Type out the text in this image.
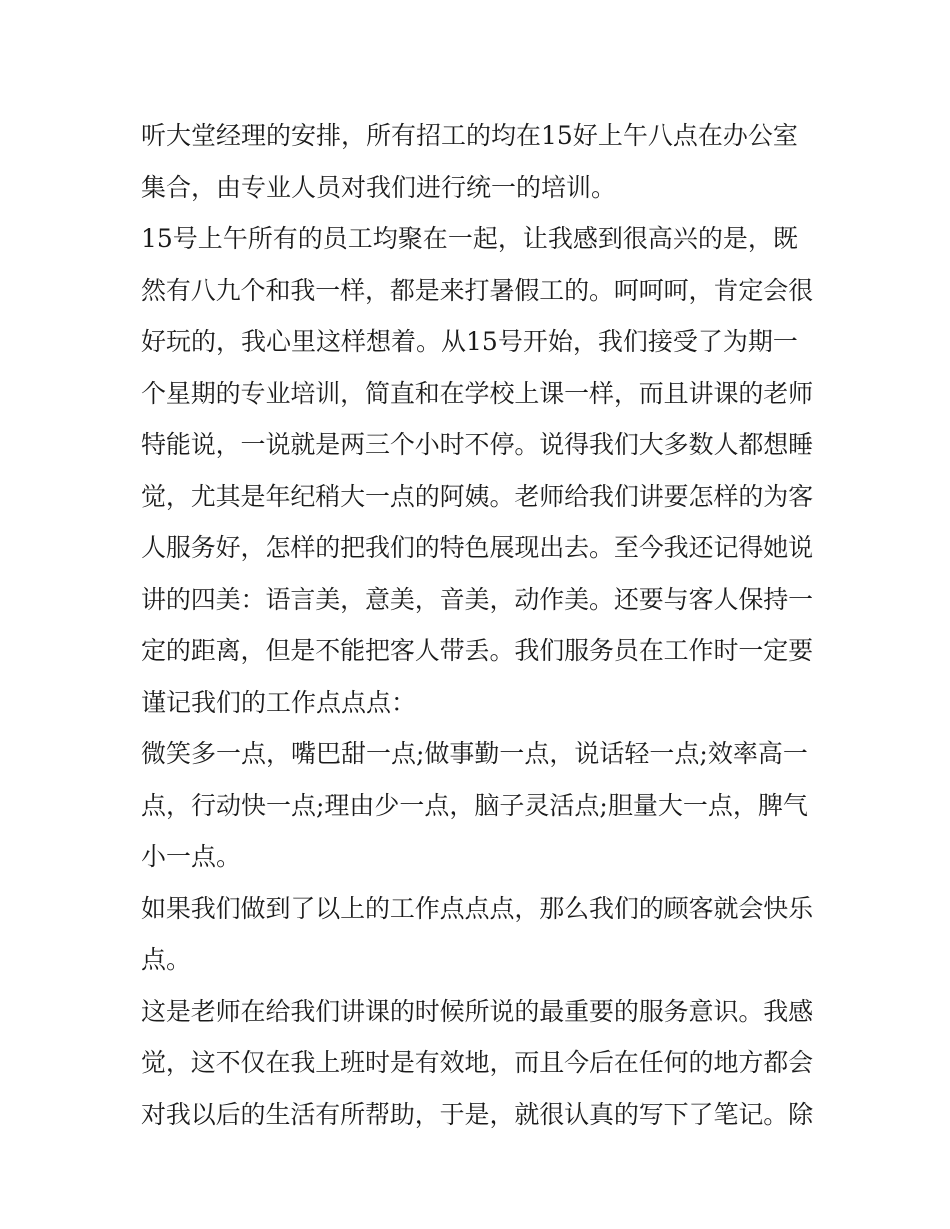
听大堂经理的安排，所有招工的均在15好上午八点在办公室
集合，由专业人员对我们进行统一的培训。
15号上午所有的员工均聚在一起，让我感到很高兴的是，既
然有八九个和我一样，都是来打暑假工的。呵呵呵，肯定会很
好玩的，我心里这样想着。从15号开始，我们接受了为期一
个星期的专业培训，简直和在学校上课一样，而且讲课的老师
特能说，一说就是两三个小时不停。说得我们大多数人都想睡
觉，尤其是年纪稍大一点的阿姨。老师给我们讲要怎样的为客
人服务好，怎样的把我们的特色展现出去。至今我还记得她说
讲的四美：语言美，意美，音美，动作美。还要与客人保持一
定的距离，但是不能把客人带丢。我们服务员在工作时一定要
谨记我们的工作点点点：
微笑多一点，嘴巴甜一点;做事勤一点，说话轻一点;效率高一
点，行动快一点;理由少一点，脑子灵活点;胆量大一点，脾气
小一点。
如果我们做到了以上的工作点点点，那么我们的顾客就会快乐
点。
这是老师在给我们讲课的时候所说的最重要的服务意识。我感
觉，这不仅在我上班时是有效地，而且今后在任何的地方都会
对我以后的生活有所帮助，于是，就很认真的写下了笔记。除
